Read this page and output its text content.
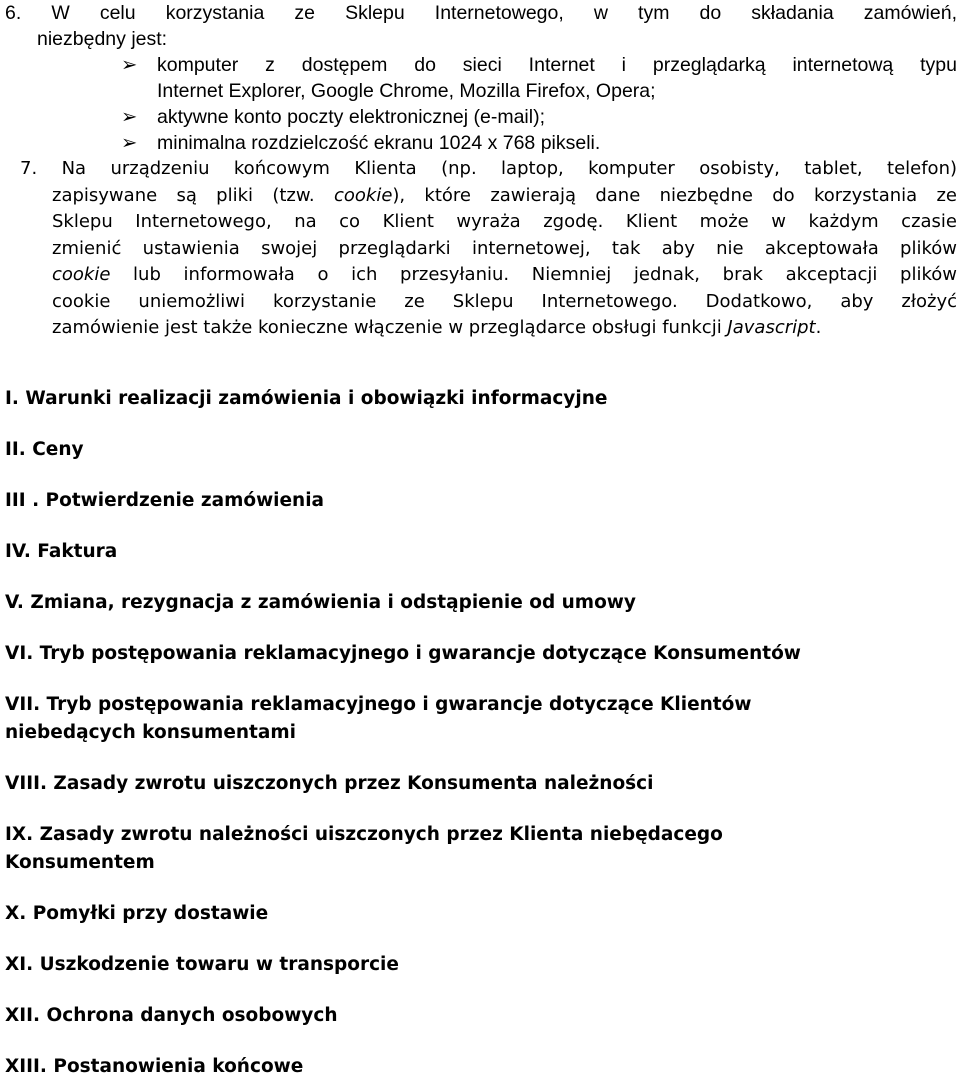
6. W celu korzystania ze Sklepu Internetowego, w tym do składania zamówień,
niezbędny jest:
➢	komputer z dostępem do sieci Internet i przeglądarką internetową typu
Internet Explorer, Google Chrome, Mozilla Firefox, Opera;
➢	aktywne konto poczty elektronicznej (e-mail);
➢	minimalna rozdzielczość ekranu 1024 x 768 pikseli.
7. Na urządzeniu końcowym Klienta (np. laptop, komputer osobisty, tablet, telefon)
zapisywane są pliki (tzw. cookie), które zawierają dane niezbędne do korzystania ze
Sklepu Internetowego, na co Klient wyraża zgodę. Klient może w każdym czasie
zmienić ustawienia swojej przeglądarki internetowej, tak aby nie akceptowała plików
cookie lub informowała o ich przesyłaniu. Niemniej jednak, brak akceptacji plików
cookie uniemożliwi korzystanie ze Sklepu Internetowego. Dodatkowo, aby złożyć
zamówienie jest także konieczne włączenie w przeglądarce obsługi funkcji Javascript.
I. Warunki realizacji zamówienia i obowiązki informacyjne
II. Ceny
III . Potwierdzenie zamówienia
IV. Faktura
V. Zmiana, rezygnacja z zamówienia i odstąpienie od umowy
VI. Tryb postępowania reklamacyjnego i gwarancje dotyczące Konsumentów
VII. Tryb postępowania reklamacyjnego i gwarancje dotyczące Klientów
niebedących konsumentami
VIII. Zasady zwrotu uiszczonych przez Konsumenta należności
IX. Zasady zwrotu należności uiszczonych przez Klienta niebędacego
Konsumentem
X. Pomyłki przy dostawie
XI. Uszkodzenie towaru w transporcie
XII. Ochrona danych osobowych
XIII. Postanowienia końcowe
